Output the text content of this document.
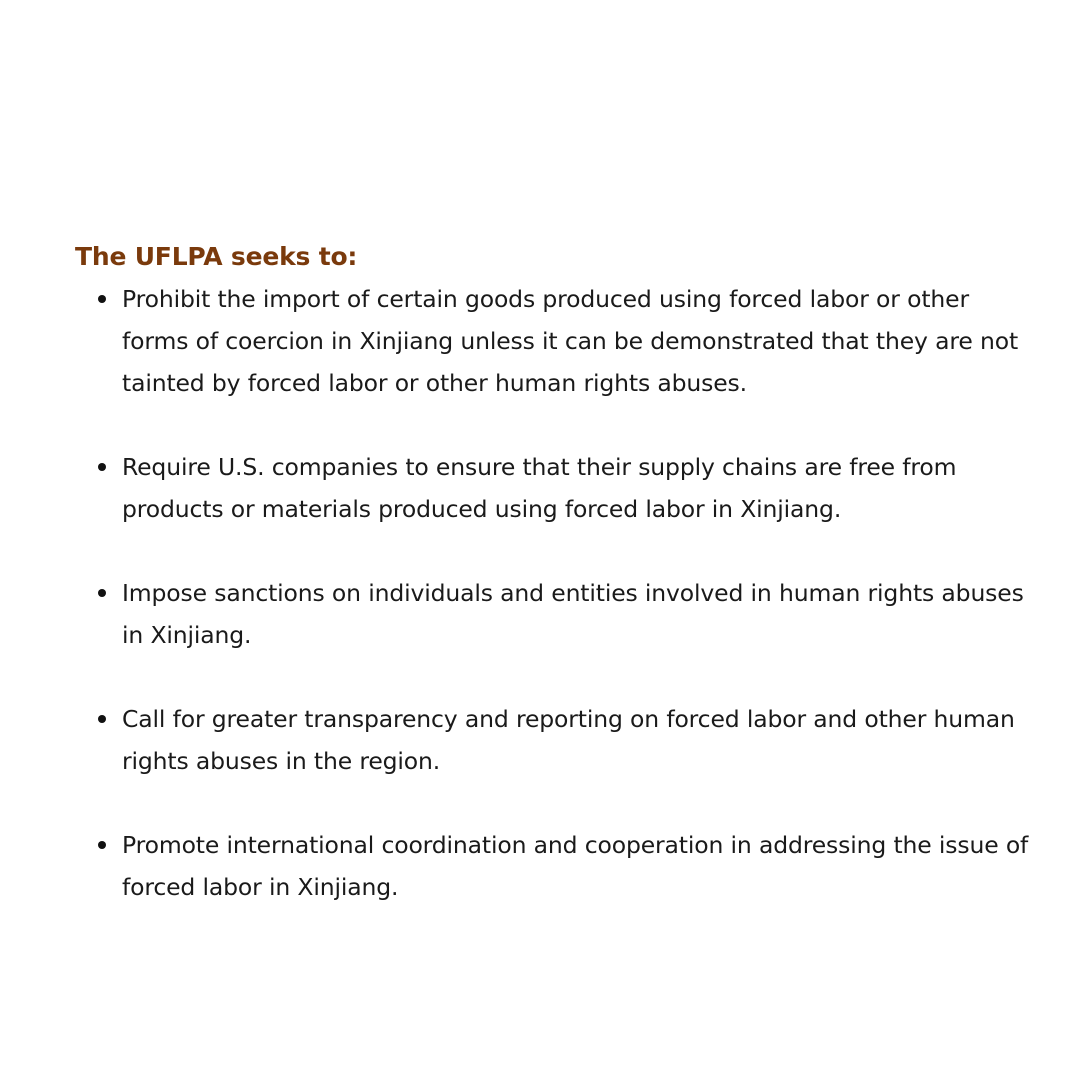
The UFLPA seeks to:
Prohibit the import of certain goods produced using forced labor or other forms of coercion in Xinjiang unless it can be demonstrated that they are not tainted by forced labor or other human rights abuses.
Require U.S. companies to ensure that their supply chains are free from products or materials produced using forced labor in Xinjiang.
Impose sanctions on individuals and entities involved in human rights abuses in Xinjiang.
Call for greater transparency and reporting on forced labor and other human rights abuses in the region.
Promote international coordination and cooperation in addressing the issue of forced labor in Xinjiang.
